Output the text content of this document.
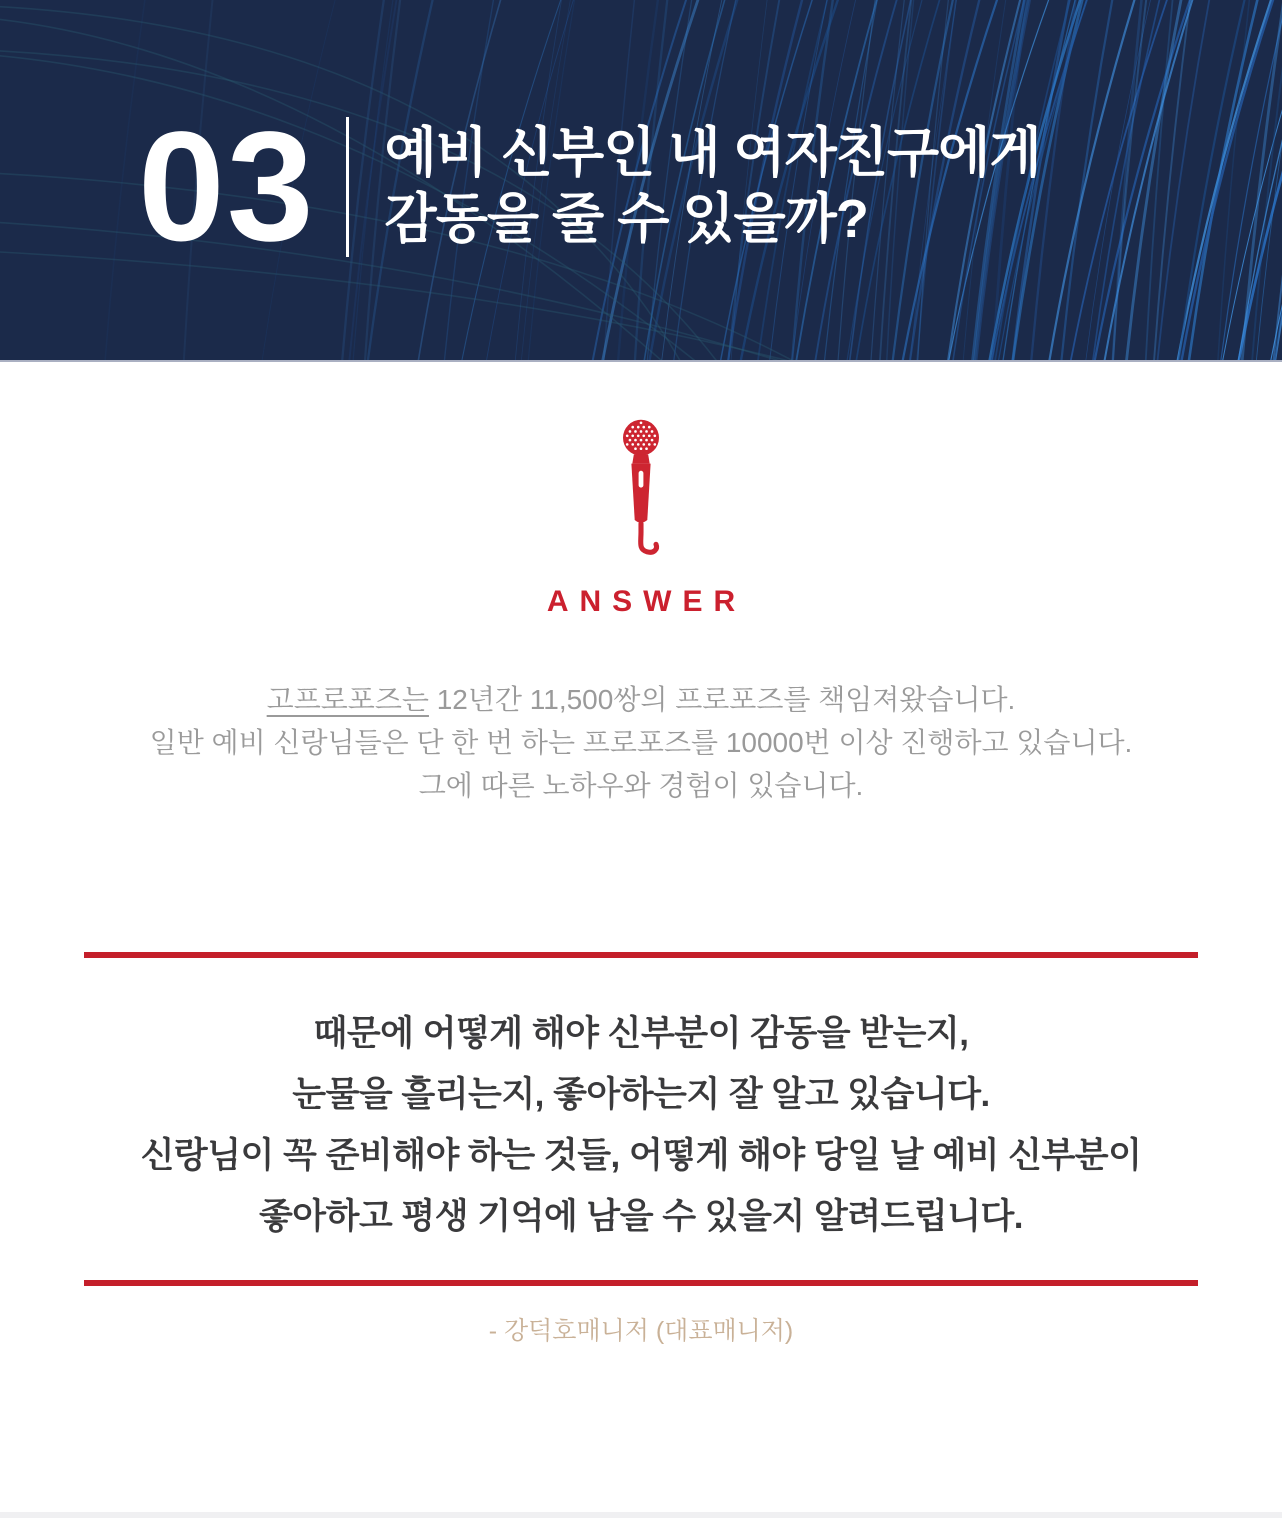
03 예비 신부인 내 여자친구에게
감동을 줄 수 있을까?
ANSWER
고프로포즈는 12년간 11,500쌍의 프로포즈를 책임져왔습니다.
일반 예비 신랑님들은 단 한 번 하는 프로포즈를 10000번 이상 진행하고 있습니다.
그에 따른 노하우와 경험이 있습니다.
때문에 어떻게 해야 신부분이 감동을 받는지,
눈물을 흘리는지, 좋아하는지 잘 알고 있습니다.
신랑님이 꼭 준비해야 하는 것들, 어떻게 해야 당일 날 예비 신부분이
좋아하고 평생 기억에 남을 수 있을지 알려드립니다.
- 강덕호매니저 (대표매니저)
